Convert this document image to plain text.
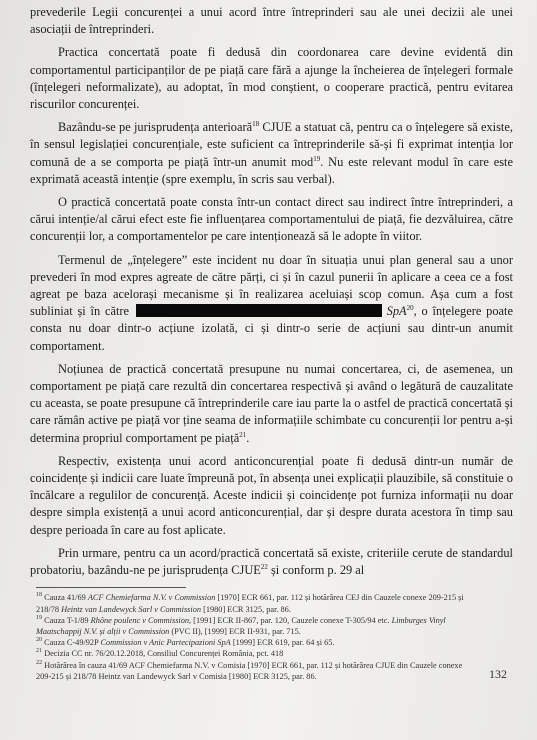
prevederile Legii concurenței a unui acord între întreprinderi sau ale unei decizii ale unei asociații de întreprinderi.

Practica concertată poate fi dedusă din coordonarea care devine evidentă din comportamentul participanților de pe piață care fără a ajunge la încheierea de înțelegeri formale (înțelegeri neformalizate), au adoptat, în mod conștient, o cooperare practică, pentru evitarea riscurilor concurenței.

Bazându-se pe jurisprudența anterioară$^{18}$ CJUE a statuat că, pentru ca o înțelegere să existe, în sensul legislației concurențiale, este suficient ca întreprinderile să-și fi exprimat intenția lor comună de a se comporta pe piață într-un anumit mod$^{19}$. Nu este relevant modul în care este exprimată această intenție (spre exemplu, în scris sau verbal).

O practică concertată poate consta într-un contact direct sau indirect între întreprinderi, a cărui intenție/al cărui efect este fie influențarea comportamentului de piață, fie dezvăluirea, către concurenții lor, a comportamentelor pe care intenționează să le adopte în viitor.

Termenul de „înțelegere” este incident nu doar în situația unui plan general sau a unor prevederi în mod expres agreate de către părți, ci și în cazul punerii în aplicare a ceea ce a fost agreat pe baza acelorași mecanisme și în realizarea aceluiași scop comun. Așa cum a fost subliniat și în către	SpA$^{20}$, o înțelegere poate consta nu doar dintr-o acțiune izolată, ci și dintr-o serie de acțiuni sau dintr-un anumit comportament.

Noțiunea de practică concertată presupune nu numai concertarea, ci, de asemenea, un comportament pe piață care rezultă din concertarea respectivă și având o legătură de cauzalitate cu aceasta, se poate presupune că întreprinderile care iau parte la o astfel de practică concertată și care rămân active pe piață vor ține seama de informațiile schimbate cu concurenții lor pentru a-și determina propriul comportament pe piață$^{21}$.

Respectiv, existența unui acord anticoncurențial poate fi dedusă dintr-un număr de coincidențe și indicii care luate împreună pot, în absența unei explicații plauzibile, să constituie o încălcare a regulilor de concurență. Aceste indicii și coincidențe pot furniza informații nu doar despre simpla existență a unui acord anticoncurențial, dar și despre durata acestora în timp sau despre perioada în care au fost aplicate.

Prin urmare, pentru ca un acord/practică concertată să existe, criteriile cerute de standardul probatoriu, bazându-ne pe jurisprudența CJUE$^{22}$ și conform p. 29 al

$^{18}$ Cauza 41/69 ACF Chemiefarma N.V. v Commission [1970] ECR 661, par. 112 și hotărârea CEJ din Cauzele conexe 209-215 și 218/78 Heintz van Landewyck Sarl v Commission [1980] ECR 3125, par. 86.
$^{19}$ Cauza T-1/89 Rhône poulenc v Commission, [1991] ECR II-867, par. 120, Cauzele conexe T-305/94 etc. Limburges Vinyl Maatschappij N.V. și alții v Commission (PVC II), [1999] ECR II-931, par. 715.
$^{20}$ Cauza C-49/92P Commission v Anic Partecipazioni SpA [1999] ECR 619, par. 64 și 65.
$^{21}$ Decizia CC nr. 76/20.12.2018, Consiliul Concurenței România, pct. 418
$^{22}$ Hotărârea în cauza 41/69 ACF Chemiefarma N.V. v Comisia [1970] ECR 661, par. 112 și hotărârea CJUE din Cauzele conexe 209-215 și 218/78 Heintz van Landewyck Sarl v Comisia [1980] ECR 3125, par. 86.	132
